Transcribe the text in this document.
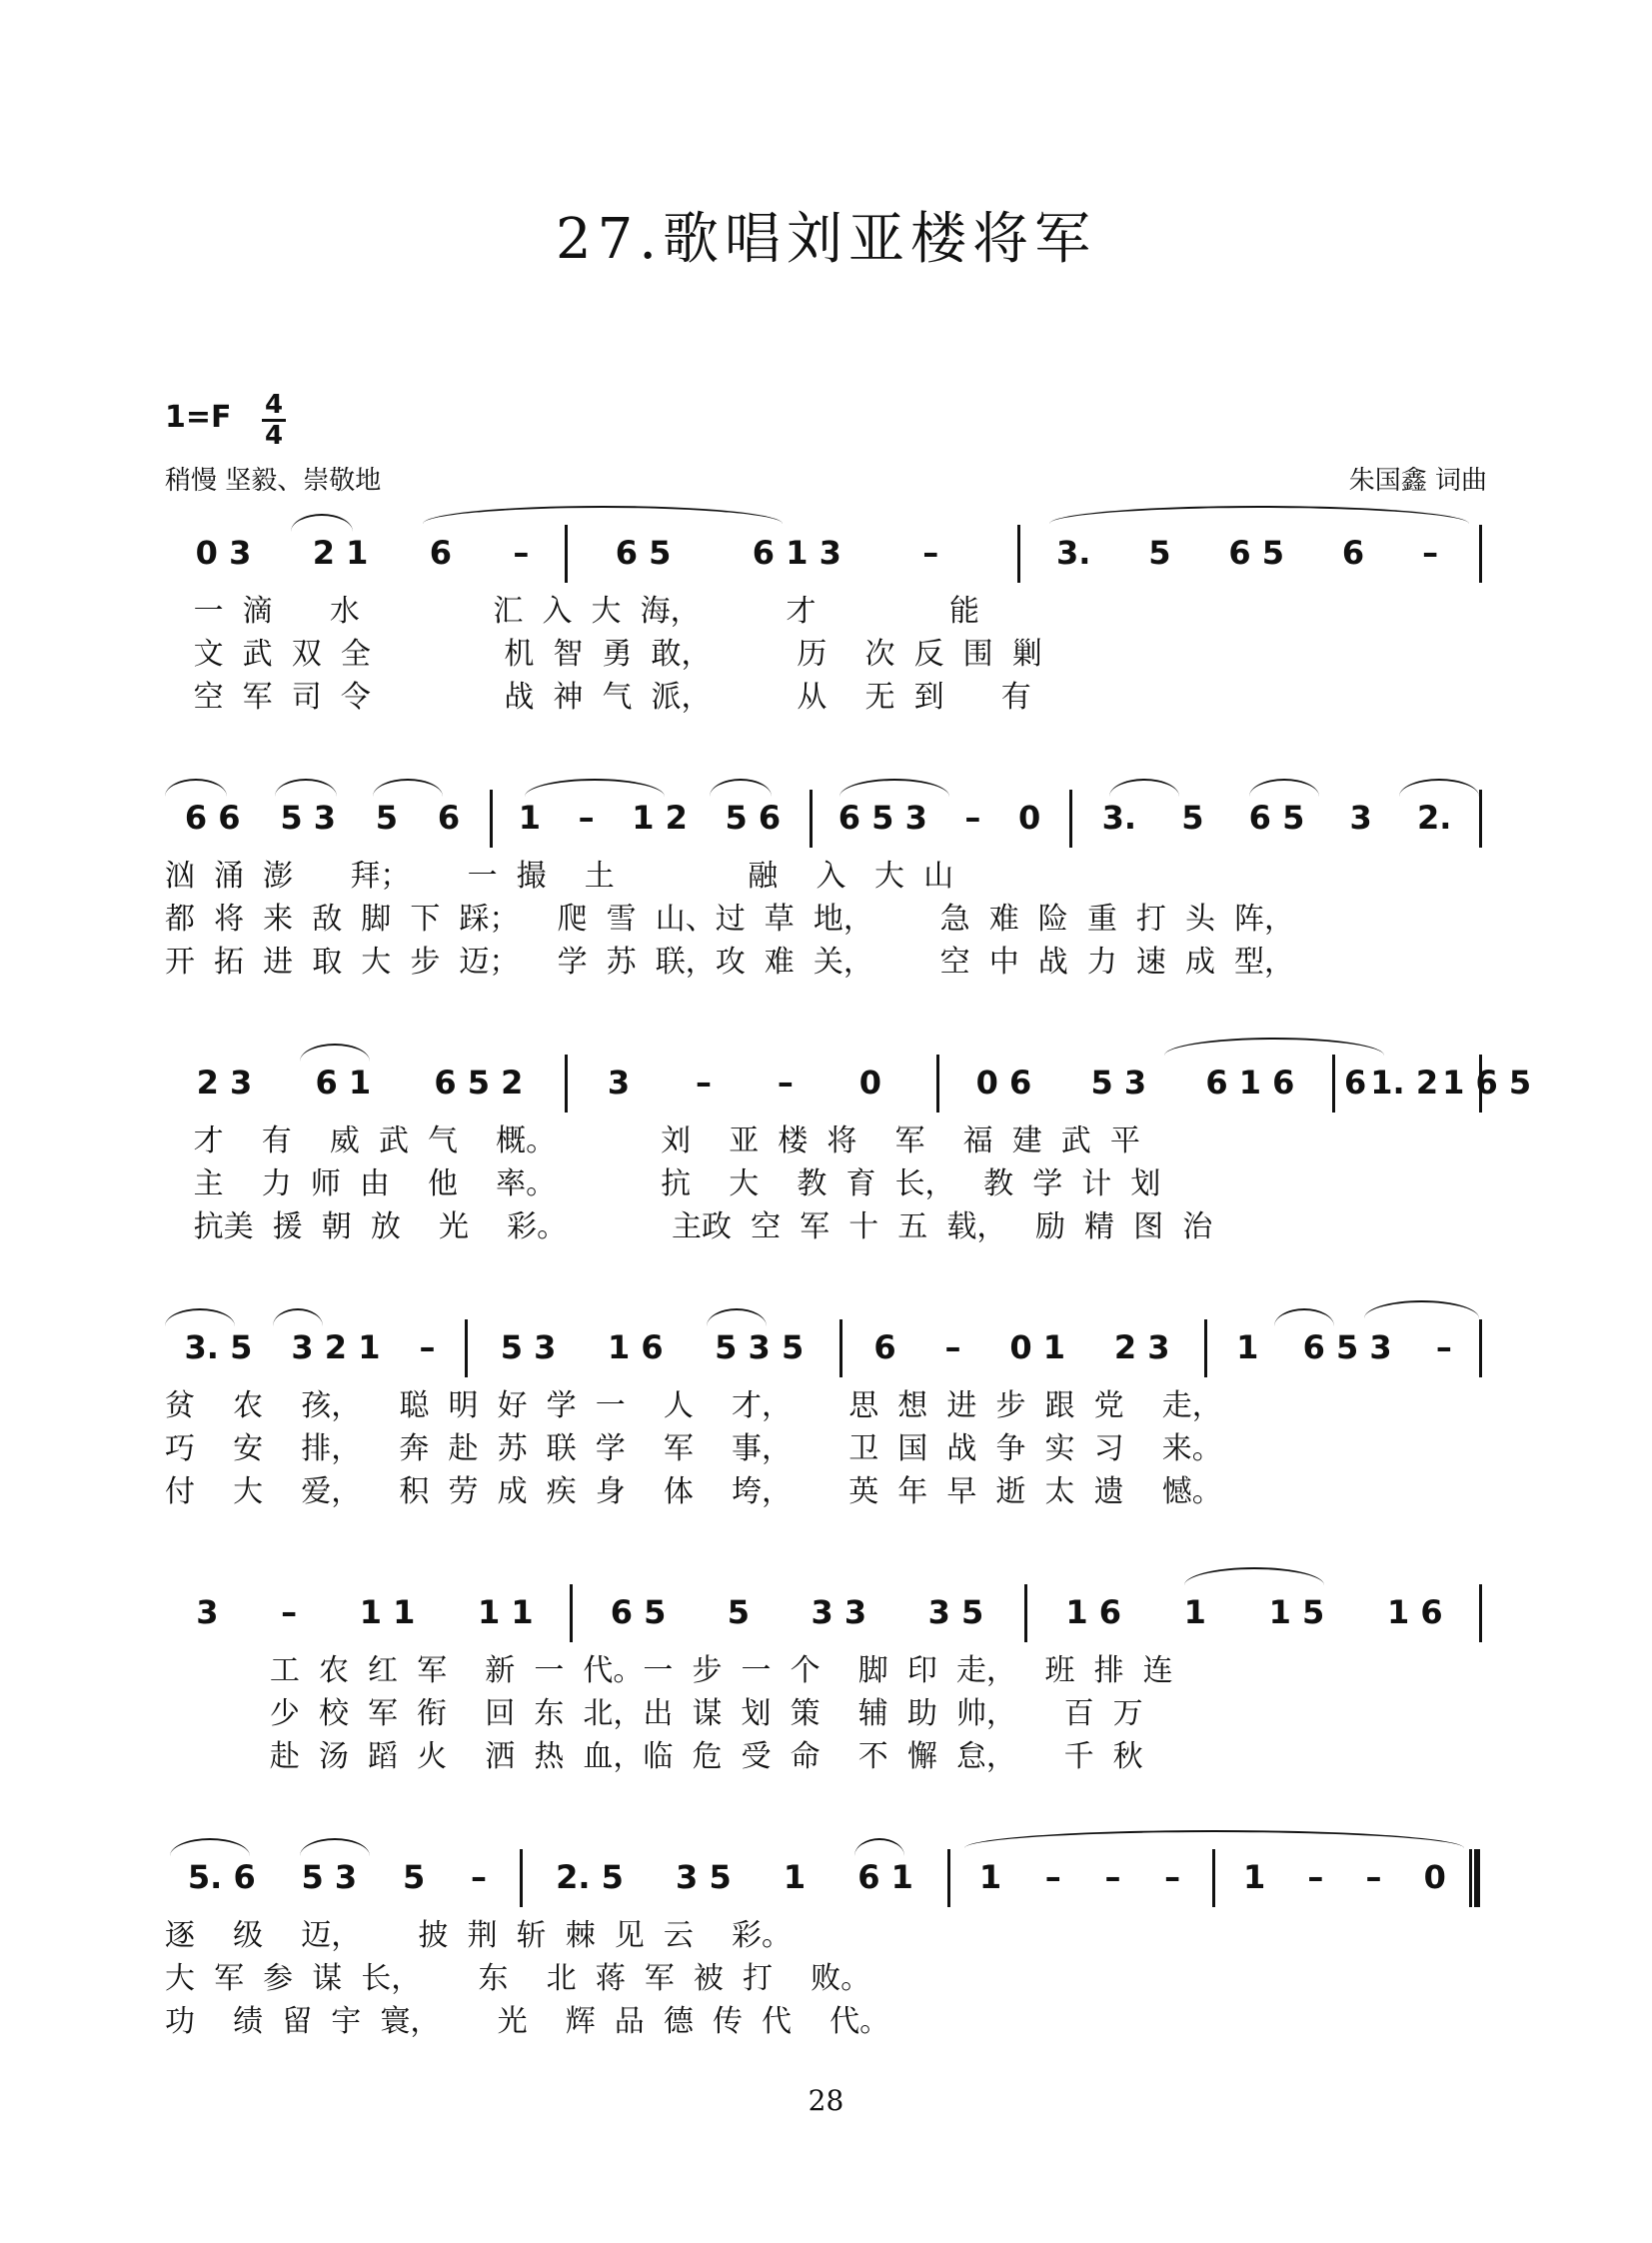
27.歌唱刘亚楼将军
1=F 4
4
稍慢 坚毅、崇敬地	朱国鑫 词曲
0 3 2 1 6 –	6 5	6 1 3	–	3. 5 6 5 6 –
一  滴      水              汇  入  大  海，         才              能
文  武  双  全              机  智  勇  敢，         历    次  反  围  剿
空  军  司  令              战  神  气  派，         从    无  到      有
6 6 5 3 5 6 1 – 1 2 5 6 6 5 3 – 0 3. 5 6 5 3 2.
汹  涌  澎      拜；      一  撮    土              融    入   大  山
都  将  来  敌  脚  下  踩；    爬  雪  山、过  草  地，       急  难  险  重  打  头  阵，
开  拓  进  取  大  步  迈；    学  苏  联，攻  难  关，       空  中  战  力  速  成  型，
2 3 6 1 6 5 2	3 – – 0	0 6 5 3 6 1 6 6 1. 2 1 6 5
才    有    威  武  气    概。           刘    亚  楼  将    军    福  建  武  平
主    力  师  由    他    率。           抗    大    教  育  长，   教  学  计  划
抗美  援  朝  放    光    彩。           主政  空  军  十  五  载，   励  精  图  治
3. 5 3 2 1 – 5 3 1 6 5 3 5 6 – 0 1 2 3 1 6 5 3 –
贫    农    孩，    聪  明  好  学  一    人    才，      思  想  进  步  跟  党    走，
巧    安    排，    奔  赴  苏  联  学    军    事，      卫  国  战  争  实  习    来。
付    大    爱，    积  劳  成  疾  身    体    垮，      英  年  早  逝  太  遗    憾。
3 – 1 1 1 1 6 5 5 3 3 3 5	1 6 1 1 5 1 6
工  农  红  军    新  一  代。一  步  一  个    脚  印  走，   班  排  连
少  校  军  衔    回  东  北，出  谋  划  策    辅  助  帅，     百  万
赴  汤  蹈  火    洒  热  血，临  危  受  命    不  懈  怠，     千  秋
5. 6 5 3 5 – 2. 5 3 5 1 6 1 1 – – – 1 – – 0
逐    级    迈，      披  荆  斩  棘  见  云    彩。
大  军  参  谋  长，      东    北  蒋  军  被  打    败。
功    绩  留  宇  寰，      光    辉  品  德  传  代    代。
28
